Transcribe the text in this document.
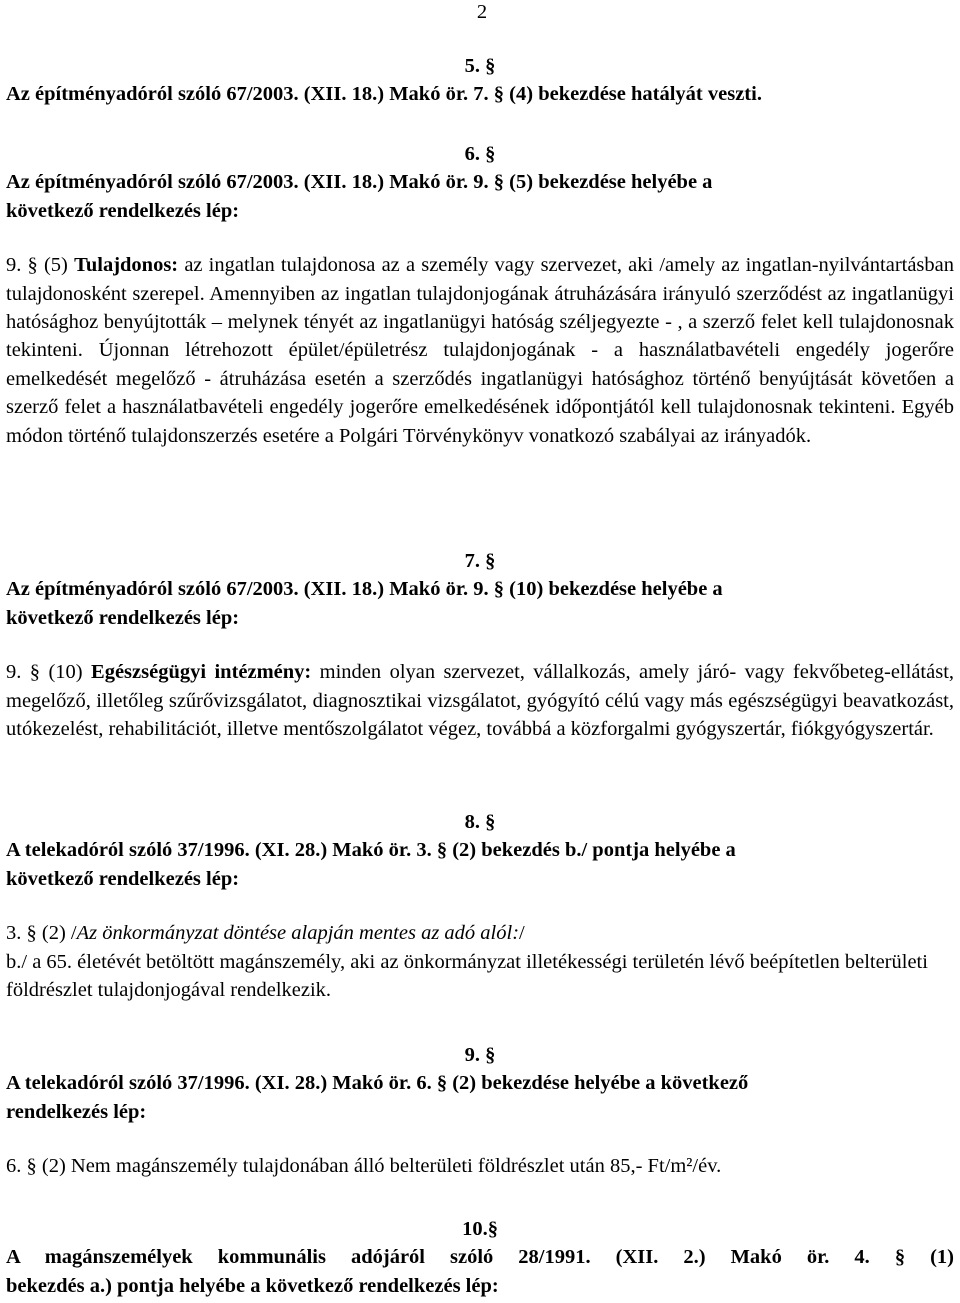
2

5. §

Az építményadóról szóló 67/2003. (XII. 18.) Makó ör. 7. § (4) bekezdése hatályát veszti.

6. §

Az építményadóról szóló 67/2003. (XII. 18.) Makó ör. 9. § (5) bekezdése helyébe a

következő rendelkezés lép:

9. § (5) Tulajdonos: az ingatlan tulajdonosa az a személy vagy szervezet, aki /amely az ingatlan-nyilvántartásban tulajdonosként szerepel. Amennyiben az ingatlan tulajdonjogának átruházására irányuló szerződést az ingatlanügyi hatósághoz benyújtották – melynek tényét az ingatlanügyi hatóság széljegyezte - , a szerző felet kell tulajdonosnak tekinteni. Újonnan létrehozott épület/épületrész tulajdonjogának - a használatbavételi engedély jogerőre emelkedését megelőző - átruházása esetén a szerződés ingatlanügyi hatósághoz történő benyújtását követően a szerző felet a használatbavételi engedély jogerőre emelkedésének időpontjától kell tulajdonosnak tekinteni. Egyéb módon történő tulajdonszerzés esetére a Polgári Törvénykönyv vonatkozó szabályai az irányadók.

7. §

Az építményadóról szóló 67/2003. (XII. 18.) Makó ör. 9. § (10) bekezdése helyébe a

következő rendelkezés lép:

9. § (10) Egészségügyi intézmény: minden olyan szervezet, vállalkozás, amely járó- vagy fekvőbeteg-ellátást, megelőző, illetőleg szűrővizsgálatot, diagnosztikai vizsgálatot, gyógyító célú vagy más egészségügyi beavatkozást, utókezelést, rehabilitációt, illetve mentőszolgálatot végez, továbbá a közforgalmi gyógyszertár, fiókgyógyszertár.

8. §

A telekadóról szóló 37/1996. (XI. 28.) Makó ör. 3. § (2) bekezdés b./ pontja helyébe a

következő rendelkezés lép:

3. § (2) /Az önkormányzat döntése alapján mentes az adó alól:/

b./ a 65. életévét betöltött magánszemély, aki az önkormányzat illetékességi területén lévő beépítetlen belterületi földrészlet tulajdonjogával rendelkezik.

9. §

A telekadóról szóló 37/1996. (XI. 28.) Makó ör. 6. § (2) bekezdése helyébe a következő

rendelkezés lép:

6. § (2) Nem magánszemély tulajdonában álló belterületi földrészlet után 85,- Ft/m²/év.

10.§

A magánszemélyek kommunális adójáról szóló 28/1991. (XII. 2.) Makó ör. 4. § (1)

bekezdés a.) pontja helyébe a következő rendelkezés lép:
